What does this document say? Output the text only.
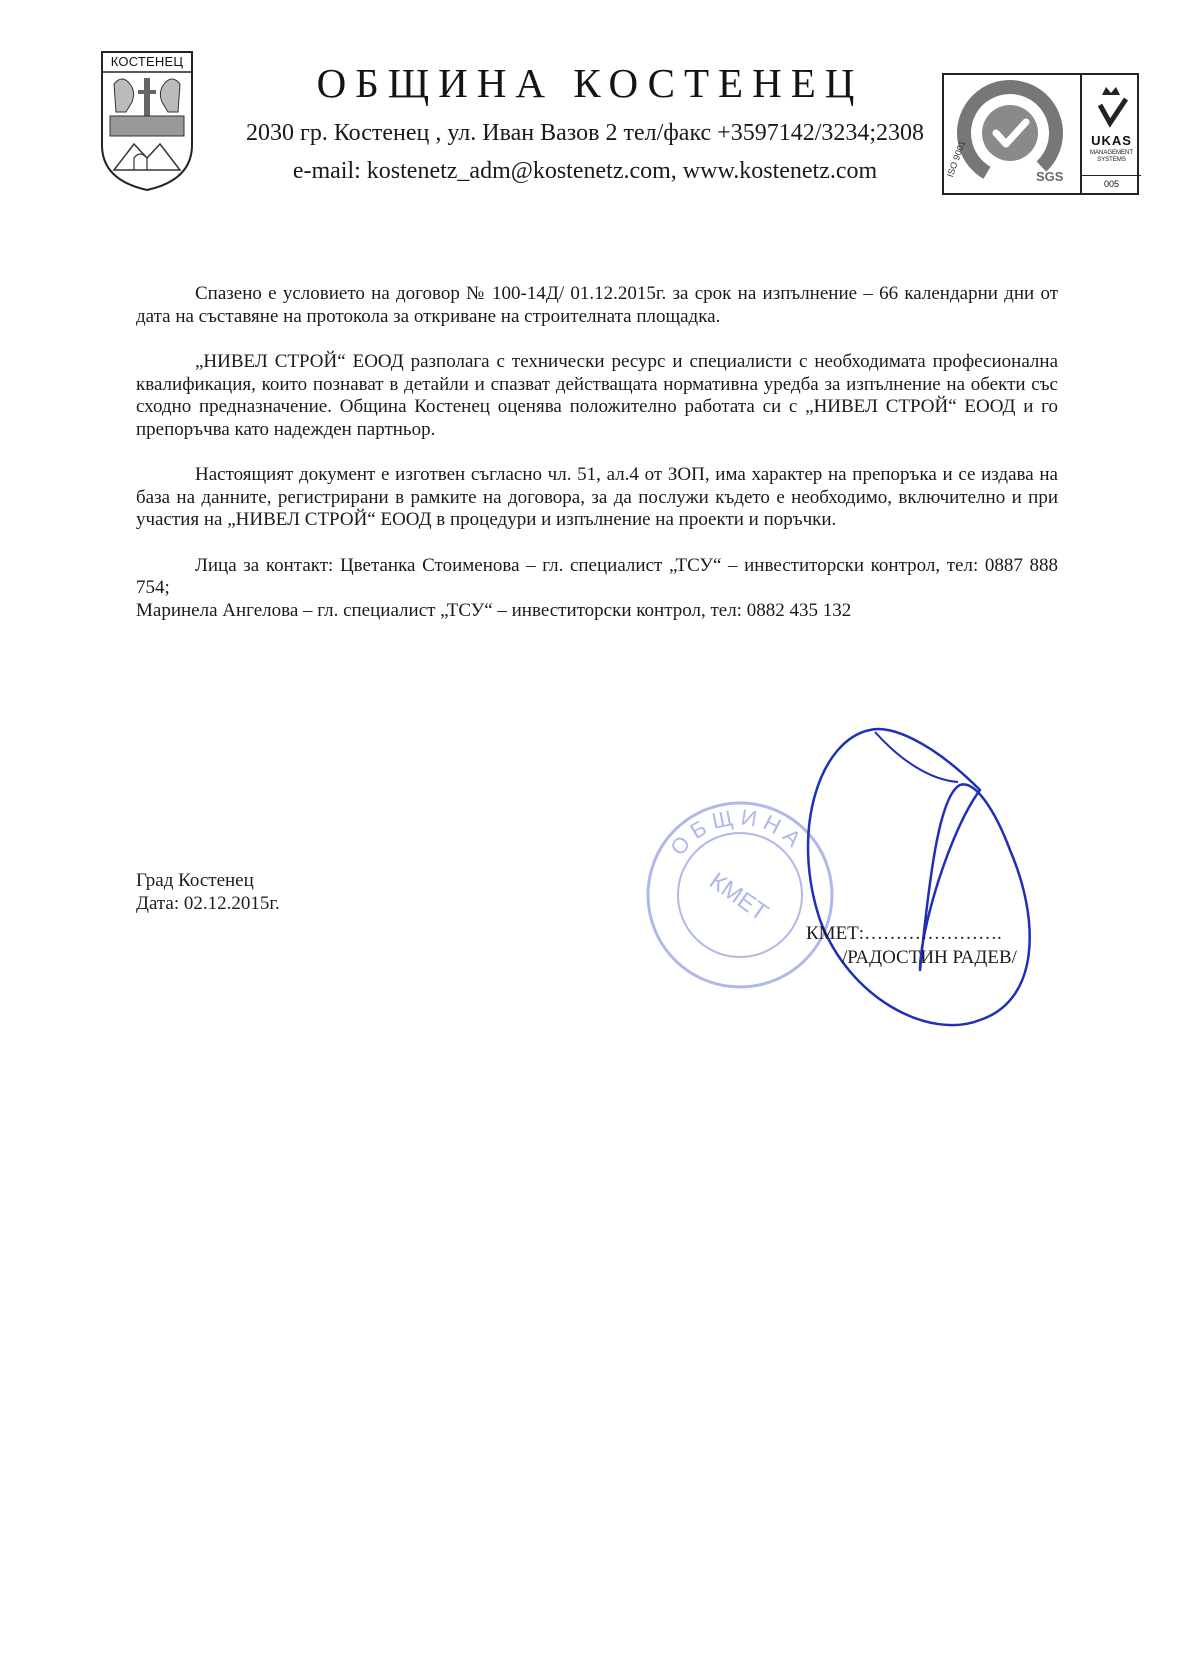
КОСТЕНЕЦ	ОБЩИНА КОСТЕНЕЦ
2030 гр. Костенец , ул. Иван Вазов 2 тел/факс +3597142/3234;2308
e-mail: kostenetz_adm@kostenetz.com, www.kostenetz.com	SGS
ISO 9001	UKAS
MANAGEMENT SYSTEMS
005

Спазено е условието на договор № 100-14Д/ 01.12.2015г. за срок на изпълнение – 66 календарни дни от дата на съставяне на протокола за откриване на строителната площадка.

„НИВЕЛ СТРОЙ“ ЕООД разполага с технически ресурс и специалисти с необходимата професионална квалификация, които познават в детайли и спазват действащата нормативна уредба за изпълнение на обекти със сходно предназначение. Община Костенец оценява положително работата си с „НИВЕЛ СТРОЙ“ ЕООД и го препоръчва като надежден партньор.

Настоящият документ е изготвен съгласно чл. 51, ал.4 от ЗОП, има характер на препоръка и се издава на база на данните, регистрирани в рамките на договора, за да послужи където е необходимо, включително и при участия на „НИВЕЛ СТРОЙ“ ЕООД в процедури и изпълнение на проекти и поръчки.

Лица за контакт: Цветанка Стоименова – гл. специалист „ТСУ“ – инвеститорски контрол, тел: 0887 888 754;
Маринела Ангелова – гл. специалист „ТСУ“ – инвеститорски контрол, тел: 0882 435 132

Град Костенец
Дата: 02.12.2015г.
ОБЩИНА
КМЕТ
КМЕТ:………………….
/РАДОСТИН РАДЕВ/
